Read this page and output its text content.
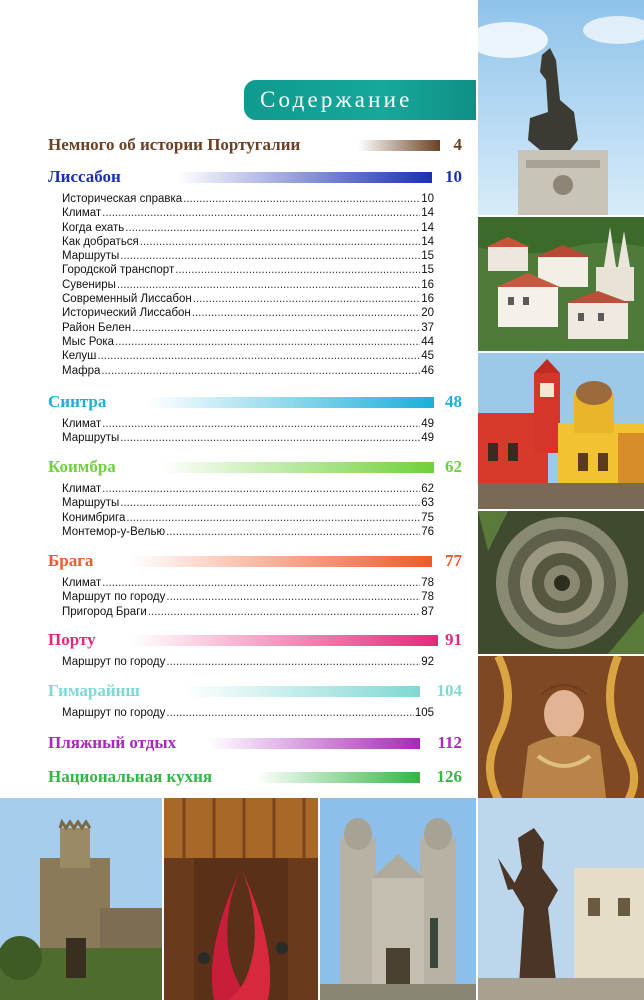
Содержание
Немного об истории Португалии	4
Лиссабон	10
Историческая справка .....	10
Климат .....	14
Когда ехать .....	14
Как добраться .....	14
Маршруты .....	15
Городской транспорт .....	15
Сувениры .....	16
Современный Лиссабон .....	16
Исторический Лиссабон .....	20
Район Белен .....	37
Мыс Рока .....	44
Келуш .....	45
Мафра .....	46
Синтра	48
Климат .....	49
Маршруты .....	49
Коимбра	62
Климат .....	62
Маршруты .....	63
Конимбрига .....	75
Монтемор-у-Велью .....	76
Брага	77
Климат .....	78
Маршрут по городу .....	78
Пригород Браги .....	87
Порту	91
Маршрут по городу .....	92
Гимарайнш	104
Маршрут по городу .....	105
Пляжный отдых	112
Национальная кухня	126
